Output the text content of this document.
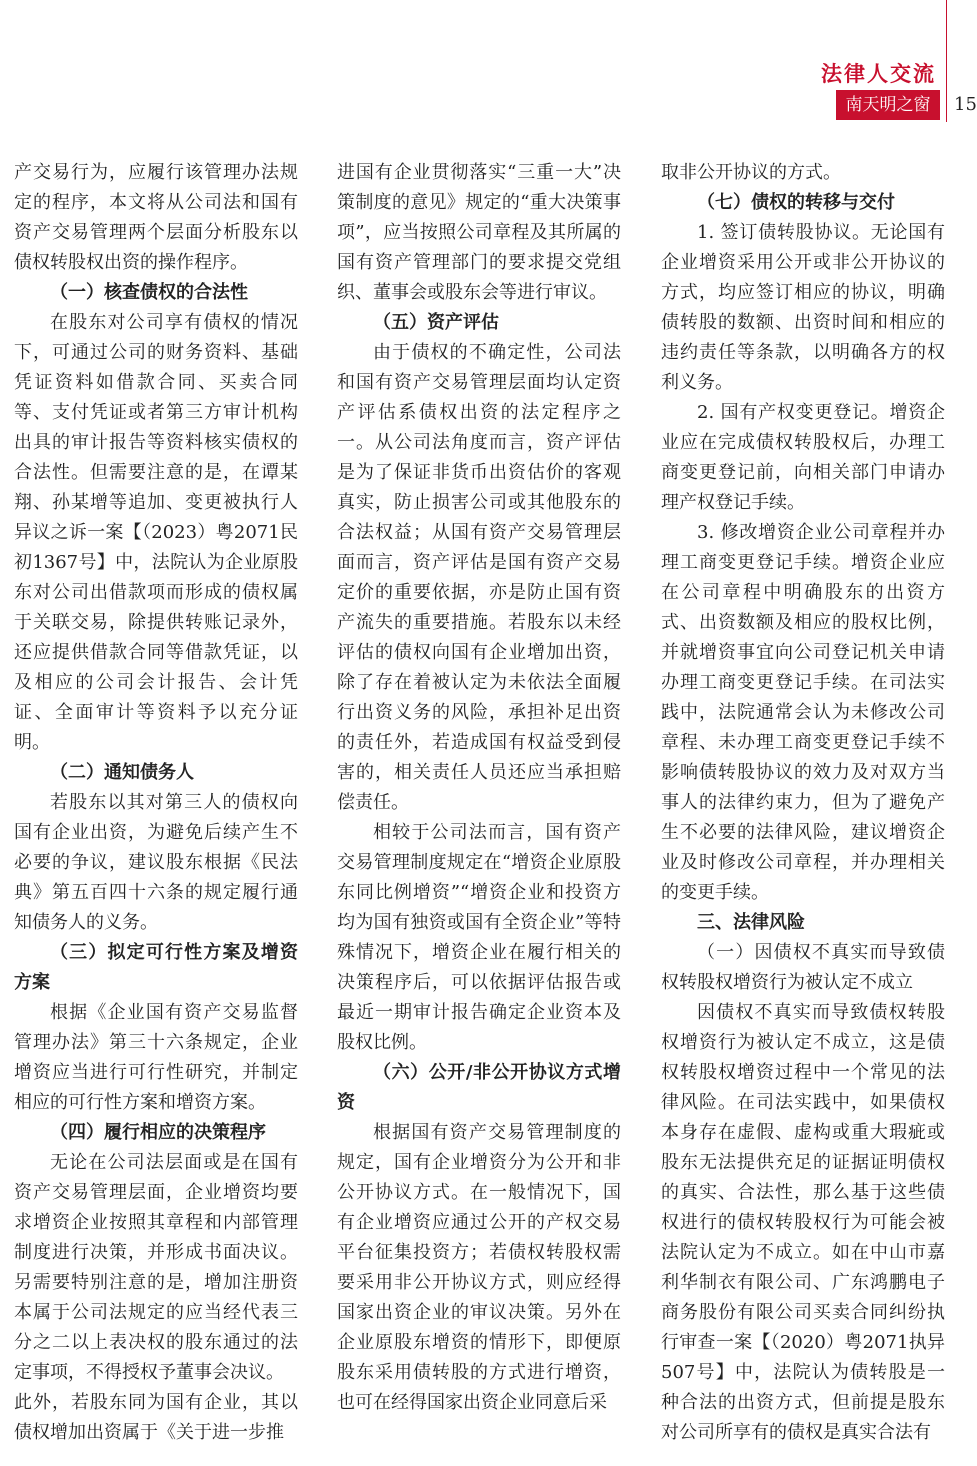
法律人交流
南天明之窗	15

产交易行为，应履行该管理办法规定的程序，本文将从公司法和国有资产交易管理两个层面分析股东以债权转股权出资的操作程序。

（一）核查债权的合法性

在股东对公司享有债权的情况下，可通过公司的财务资料、基础凭证资料如借款合同、买卖合同等、支付凭证或者第三方审计机构出具的审计报告等资料核实债权的合法性。但需要注意的是，在谭某翔、孙某增等追加、变更被执行人异议之诉一案【（2023）粤2071民初1367号】中，法院认为企业原股东对公司出借款项而形成的债权属于关联交易，除提供转账记录外，还应提供借款合同等借款凭证，以及相应的公司会计报告、会计凭证、全面审计等资料予以充分证明。

（二）通知债务人

若股东以其对第三人的债权向国有企业出资，为避免后续产生不必要的争议，建议股东根据《民法典》第五百四十六条的规定履行通知债务人的义务。

（三）拟定可行性方案及增资方案

根据《企业国有资产交易监督管理办法》第三十六条规定，企业增资应当进行可行性研究，并制定相应的可行性方案和增资方案。

（四）履行相应的决策程序

无论在公司法层面或是在国有资产交易管理层面，企业增资均要求增资企业按照其章程和内部管理制度进行决策，并形成书面决议。另需要特别注意的是，增加注册资本属于公司法规定的应当经代表三分之二以上表决权的股东通过的法定事项，不得授权予董事会决议。

此外，若股东同为国有企业，其以债权增加出资属于《关于进一步推

进国有企业贯彻落实“三重一大”决策制度的意见》规定的“重大决策事项”，应当按照公司章程及其所属的国有资产管理部门的要求提交党组织、董事会或股东会等进行审议。

（五）资产评估

由于债权的不确定性，公司法和国有资产交易管理层面均认定资产评估系债权出资的法定程序之一。从公司法角度而言，资产评估是为了保证非货币出资估价的客观真实，防止损害公司或其他股东的合法权益；从国有资产交易管理层面而言，资产评估是国有资产交易定价的重要依据，亦是防止国有资产流失的重要措施。若股东以未经评估的债权向国有企业增加出资，除了存在着被认定为未依法全面履行出资义务的风险，承担补足出资的责任外，若造成国有权益受到侵害的，相关责任人员还应当承担赔偿责任。

相较于公司法而言，国有资产交易管理制度规定在“增资企业原股东同比例增资”“增资企业和投资方均为国有独资或国有全资企业”等特殊情况下，增资企业在履行相关的决策程序后，可以依据评估报告或最近一期审计报告确定企业资本及股权比例。

（六）公开/非公开协议方式增资

根据国有资产交易管理制度的规定，国有企业增资分为公开和非公开协议方式。在一般情况下，国有企业增资应通过公开的产权交易平台征集投资方；若债权转股权需要采用非公开协议方式，则应经得国家出资企业的审议决策。另外在企业原股东增资的情形下，即便原股东采用债转股的方式进行增资，也可在经得国家出资企业同意后采

取非公开协议的方式。

（七）债权的转移与交付

1. 签订债转股协议。无论国有企业增资采用公开或非公开协议的方式，均应签订相应的协议，明确债转股的数额、出资时间和相应的违约责任等条款，以明确各方的权利义务。

2. 国有产权变更登记。增资企业应在完成债权转股权后，办理工商变更登记前，向相关部门申请办理产权登记手续。

3. 修改增资企业公司章程并办理工商变更登记手续。增资企业应在公司章程中明确股东的出资方式、出资数额及相应的股权比例，并就增资事宜向公司登记机关申请办理工商变更登记手续。在司法实践中，法院通常会认为未修改公司章程、未办理工商变更登记手续不影响债转股协议的效力及对双方当事人的法律约束力，但为了避免产生不必要的法律风险，建议增资企业及时修改公司章程，并办理相关的变更手续。

三、法律风险

（一）因债权不真实而导致债权转股权增资行为被认定不成立

因债权不真实而导致债权转股权增资行为被认定不成立，这是债权转股权增资过程中一个常见的法律风险。在司法实践中，如果债权本身存在虚假、虚构或重大瑕疵或股东无法提供充足的证据证明债权的真实、合法性，那么基于这些债权进行的债权转股权行为可能会被法院认定为不成立。如在中山市嘉利华制衣有限公司、广东鸿鹏电子商务股份有限公司买卖合同纠纷执行审查一案【（2020）粤2071执异507号】中，法院认为债转股是一种合法的出资方式，但前提是股东对公司所享有的债权是真实合法有
